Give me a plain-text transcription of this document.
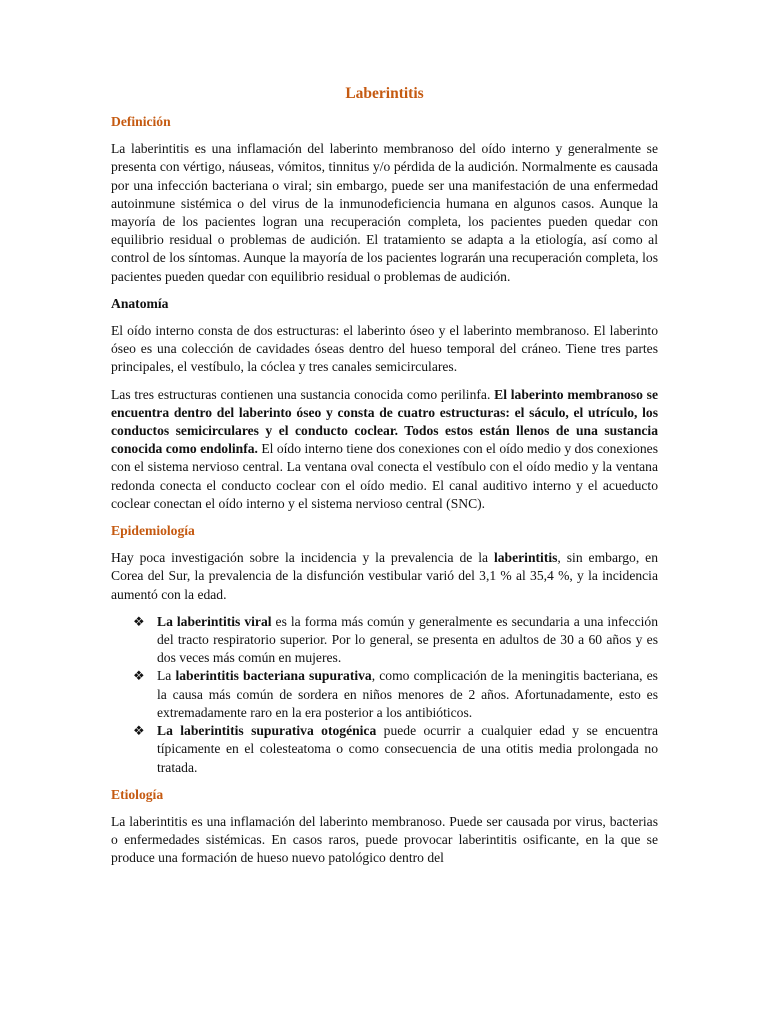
Laberintitis
Definición

La laberintitis es una inflamación del laberinto membranoso del oído interno y generalmente se presenta con vértigo, náuseas, vómitos, tinnitus y/o pérdida de la audición. Normalmente es causada por una infección bacteriana o viral; sin embargo, puede ser una manifestación de una enfermedad autoinmune sistémica o del virus de la inmunodeficiencia humana en algunos casos. Aunque la mayoría de los pacientes logran una recuperación completa, los pacientes pueden quedar con equilibrio residual o problemas de audición. El tratamiento se adapta a la etiología, así como al control de los síntomas. Aunque la mayoría de los pacientes lograrán una recuperación completa, los pacientes pueden quedar con equilibrio residual o problemas de audición.

Anatomía

El oído interno consta de dos estructuras: el laberinto óseo y el laberinto membranoso. El laberinto óseo es una colección de cavidades óseas dentro del hueso temporal del cráneo. Tiene tres partes principales, el vestíbulo, la cóclea y tres canales semicirculares.

Las tres estructuras contienen una sustancia conocida como perilinfa. El laberinto membranoso se encuentra dentro del laberinto óseo y consta de cuatro estructuras: el sáculo, el utrículo, los conductos semicirculares y el conducto coclear. Todos estos están llenos de una sustancia conocida como endolinfa. El oído interno tiene dos conexiones con el oído medio y dos conexiones con el sistema nervioso central. La ventana oval conecta el vestíbulo con el oído medio y la ventana redonda conecta el conducto coclear con el oído medio. El canal auditivo interno y el acueducto coclear conectan el oído interno y el sistema nervioso central (SNC).

Epidemiología

Hay poca investigación sobre la incidencia y la prevalencia de la laberintitis, sin embargo, en Corea del Sur, la prevalencia de la disfunción vestibular varió del 3,1 % al 35,4 %, y la incidencia aumentó con la edad.

❖ La laberintitis viral es la forma más común y generalmente es secundaria a una infección del tracto respiratorio superior. Por lo general, se presenta en adultos de 30 a 60 años y es dos veces más común en mujeres.
❖ La laberintitis bacteriana supurativa, como complicación de la meningitis bacteriana, es la causa más común de sordera en niños menores de 2 años. Afortunadamente, esto es extremadamente raro en la era posterior a los antibióticos.
❖ La laberintitis supurativa otogénica puede ocurrir a cualquier edad y se encuentra típicamente en el colesteatoma o como consecuencia de una otitis media prolongada no tratada.
Etiología

La laberintitis es una inflamación del laberinto membranoso. Puede ser causada por virus, bacterias o enfermedades sistémicas. En casos raros, puede provocar laberintitis osificante, en la que se produce una formación de hueso nuevo patológico dentro del
